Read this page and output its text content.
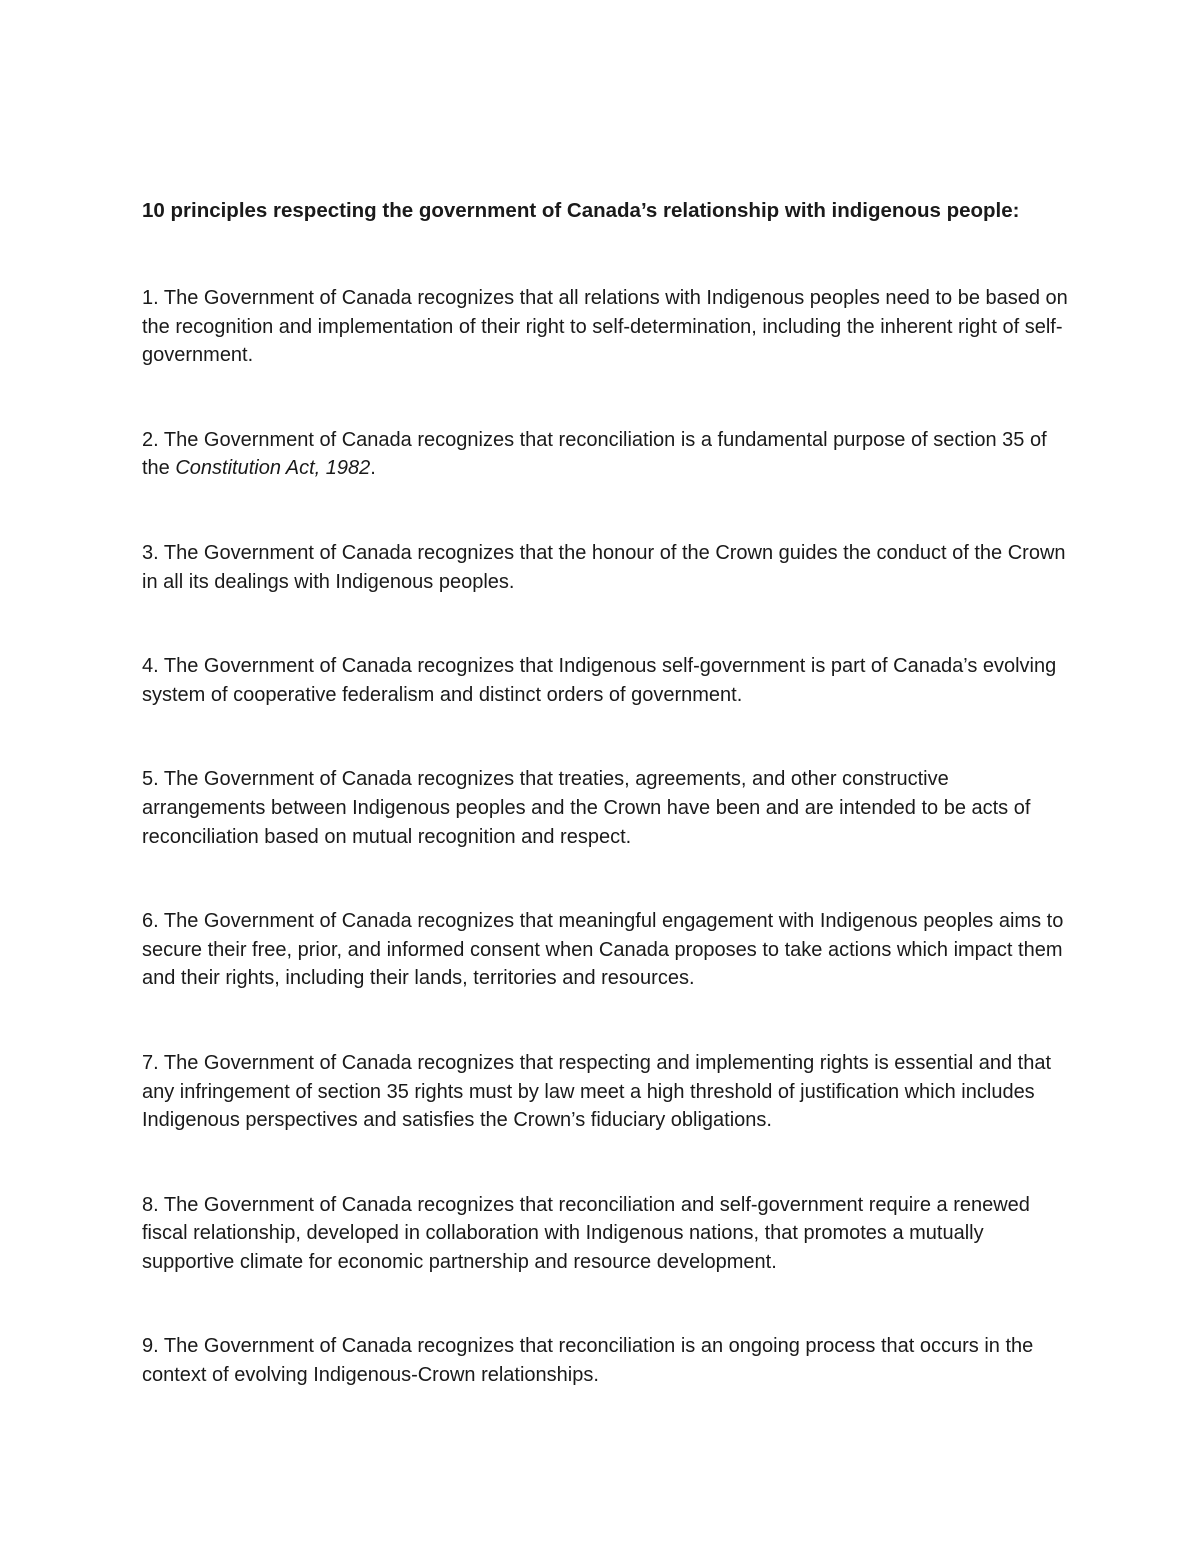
10 principles respecting the government of Canada’s relationship with indigenous people:

1. The Government of Canada recognizes that all relations with Indigenous peoples need to be based on the recognition and implementation of their right to self-determination, including the inherent right of self-government.

2. The Government of Canada recognizes that reconciliation is a fundamental purpose of section 35 of the Constitution Act, 1982.

3. The Government of Canada recognizes that the honour of the Crown guides the conduct of the Crown in all its dealings with Indigenous peoples.

4. The Government of Canada recognizes that Indigenous self-government is part of Canada’s evolving system of cooperative federalism and distinct orders of government.

5. The Government of Canada recognizes that treaties, agreements, and other constructive arrangements between Indigenous peoples and the Crown have been and are intended to be acts of reconciliation based on mutual recognition and respect.

6. The Government of Canada recognizes that meaningful engagement with Indigenous peoples aims to secure their free, prior, and informed consent when Canada proposes to take actions which impact them and their rights, including their lands, territories and resources.

7. The Government of Canada recognizes that respecting and implementing rights is essential and that any infringement of section 35 rights must by law meet a high threshold of justification which includes Indigenous perspectives and satisfies the Crown’s fiduciary obligations.

8. The Government of Canada recognizes that reconciliation and self-government require a renewed fiscal relationship, developed in collaboration with Indigenous nations, that promotes a mutually supportive climate for economic partnership and resource development.

9. The Government of Canada recognizes that reconciliation is an ongoing process that occurs in the context of evolving Indigenous-Crown relationships.
